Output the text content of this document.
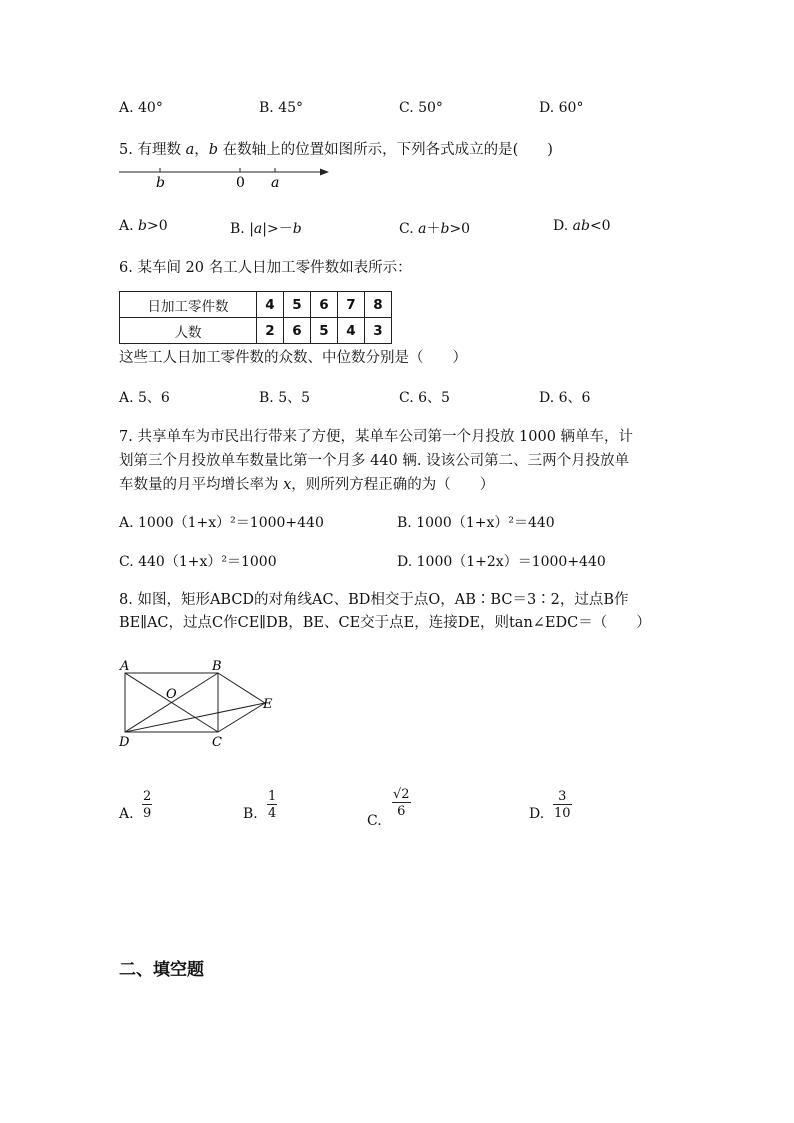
A. 40°	B. 45°	C. 50°	D. 60°
5. 有理数 a，b 在数轴上的位置如图所示，下列各式成立的是(　　)
b	0 a
A. b>0	B. |a|>－b	C. a＋b>0	D. ab<0
6. 某车间 20 名工人日加工零件数如表所示：
日加工零件数	4	5	6	7	8
人数	2	6	5	4	3
这些工人日加工零件数的众数、中位数分别是（　　）
A. 5、6	B. 5、5	C. 6、5	D. 6、6
7. 共享单车为市民出行带来了方便，某单车公司第一个月投放 1000 辆单车，计
划第三个月投放单车数量比第一个月多 440 辆. 设该公司第二、三两个月投放单
车数量的月平均增长率为 x，则所列方程正确的为（　　）
A. 1000（1+x）²＝1000+440	B. 1000（1+x）²＝440
C. 440（1+x）²＝1000	D. 1000（1+2x）＝1000+440
8. 如图，矩形ABCD的对角线AC、BD相交于点O，AB∶BC＝3∶2，过点B作
BE∥AC，过点C作CE∥DB，BE、CE交于点E，连接DE，则tan∠EDC＝（　　）
A	B
C
D
E
O
A. $\frac{2}{9}$	B. $\frac{1}{4}$
C.
$\frac{√2}{6}$	D. $\frac{3}{10}$
二、填空题
